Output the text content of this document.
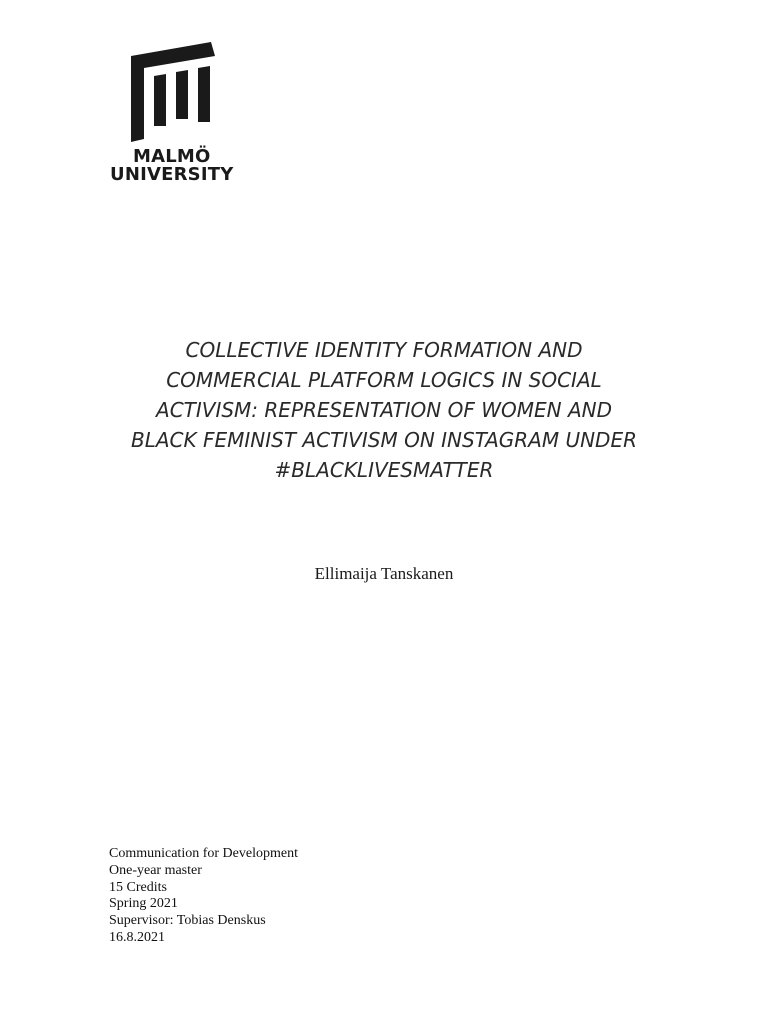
MALMÖ
UNIVERSITY
COLLECTIVE IDENTITY FORMATION AND
COMMERCIAL PLATFORM LOGICS IN SOCIAL
ACTIVISM: REPRESENTATION OF WOMEN AND
BLACK FEMINIST ACTIVISM ON INSTAGRAM UNDER
#BLACKLIVESMATTER
Ellimaija Tanskanen
Communication for Development
One-year master
15 Credits
Spring 2021
Supervisor: Tobias Denskus
16.8.2021
